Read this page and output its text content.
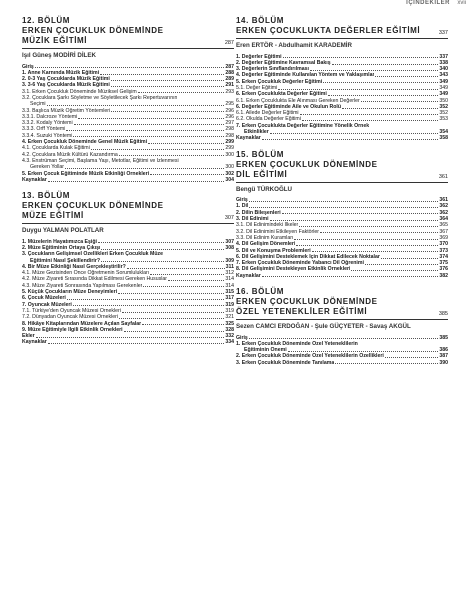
İÇİNDEKİLER xvii
12. BÖLÜM
ERKEN ÇOCUKLUK DÖNEMİNDE
MÜZİK EĞİTİMİ	287
Işıl Güneş MODİRİ DİLEK
Giriş	287
1. Anne Karnında Müzik Eğitimi	288
2. 0-3 Yaş Çocuklarda Müzik Eğitimi	289
3. 3-6 Yaş Çocuklarda Müzik Eğitimi	291
3.1. Erken Çocukluk Döneminde Müziksel Gelişim	293
3.2. Çocuklara Şarkı Söyletme ve Söyletilecek Şarkı Repertuvarının
Seçimi	295
3.3. Başlıca Müzik Öğretim Yöntemleri	296
3.3.1. Dalcroze Yöntemi	296
3.3.2. Kodaly Yöntemi	297
3.3.3. Orff Yöntemi	298
3.3.4. Suzuki Yöntemi	298
4. Erken Çocukluk Döneminde Genel Müzik Eğitimi	299
4.1. Çocuklarda Kulak Eğitimi	299
4.2. Çocuklara Müzik Kültürü Kazandırma	300
4.3. Enstrüman Seçimi, Başlama Yaşı, Metotlar, Eğitimi ve İzlenmesi
Gereken Yollar	300
5. Erken Çocuk Eğitiminde Müzik Etkinliği Örnekleri	302
Kaynaklar	304
13. BÖLÜM
ERKEN ÇOCUKLUK DÖNEMİNDE
MÜZE EĞİTİMİ	307
Duygu YALMAN POLATLAR
1. Müzelerin Hayatımızca Eşiği	307
2. Müze Eğitiminin Ortaya Çıkışı	308
3. Çocukların Gelişimsel Özellikleri Erken Çocukluk Müze
Eğitimini Nasıl Şekillendirir?	309
4. Bir Müze Etkinliği Nasıl Gerçekleştirilir?	311
4.1. Müze Gezisinden Önce Öğretmenin Sorumlulukları	312
4.2. Müze Ziyareti Sırasında Dikkat Edilmesi Gereken Hususlar	314
4.3. Müze Ziyareti Sonrasında Yapılması Gerekenler	314
5. Küçük Çocukların Müze Deneyimleri	315
6. Çocuk Müzeleri	317
7. Oyuncak Müzeleri	319
7.1. Türkiye'den Oyuncak Müzesi Örnekleri	319
7.2. Dünyadan Oyuncak Müzesi Örnekleri	321
8. Hikâye Kitaplarından Müzelere Açılan Sayfalar	325
9. Müze Eğitimiyle İlgili Etkinlik Örnekleri	328
Ekler	332
Kaynaklar	334
14. BÖLÜM
ERKEN ÇOCUKLUKTA DEĞERLER EĞİTİMİ	337
Eren ERTÖR - Abdulhamit KARADEMİR
1. Değerler Eğitimi	337
2. Değerler Eğitimine Kavramsal Bakış	338
3. Değerlerin Sınıflandırılması	340
4. Değerler Eğitiminde Kullanılan Yöntem ve Yaklaşımlar	343
5. Erken Çocukluk Değerler Eğitimi	349
5.1. Değer Eğitimi	349
6. Erken Çocuklukta Değerler Eğitimi	349
6.1. Erken Çocuklukta Ele Alınması Gereken Değerler	350
6. Değerler Eğitiminde Aile ve Okulun Rolü	352
6.1. Ailede Değerler Eğitimi	352
6.2. Okulda Değerler Eğitimi	353
7. Erken Çocuklukta Değerler Eğitimine Yönelik Örnek
Etkinlikler	354
Kaynaklar	358
15. BÖLÜM
ERKEN ÇOCUKLUK DÖNEMİNDE
DİL EĞİTİMİ	361
Bengü TÜRKOĞLU
Giriş	361
1. Dil	362
2. Dilin Bileşenleri	362
3. Dil Edinimi	364
3.1. Dil Edinimindeki İlkeler	365
3.2. Dil Edinimini Etkileyen Faktörler	367
3.3. Dil Edinim Kuramları	369
4. Dil Gelişim Dönemleri	370
5. Dil ve Konuşma Problemleri	373
6. Dil Gelişimini Desteklemek İçin Dikkat Edilecek Noktalar	374
7. Erken Çocukluk Döneminde Yabancı Dil Öğrenimi	375
8. Dil Gelişimini Destekleyen Etkinlik Örnekleri	376
Kaynaklar	382
16. BÖLÜM
ERKEN ÇOCUKLUK DÖNEMİNDE
ÖZEL YETENEKLİLER EĞİTİMİ	385
Sezen CAMCI ERDOĞAN - Şule GÜÇYETER - Savaş AKGÜL
Giriş	385
1. Erken Çocukluk Döneminde Özel Yeteneklilerin
Eğitiminin Önemi	386
2. Erken Çocukluk Döneminde Özel Yeteneklilerin Özellikleri	387
3. Erken Çocukluk Döneminde Tanılama	390
